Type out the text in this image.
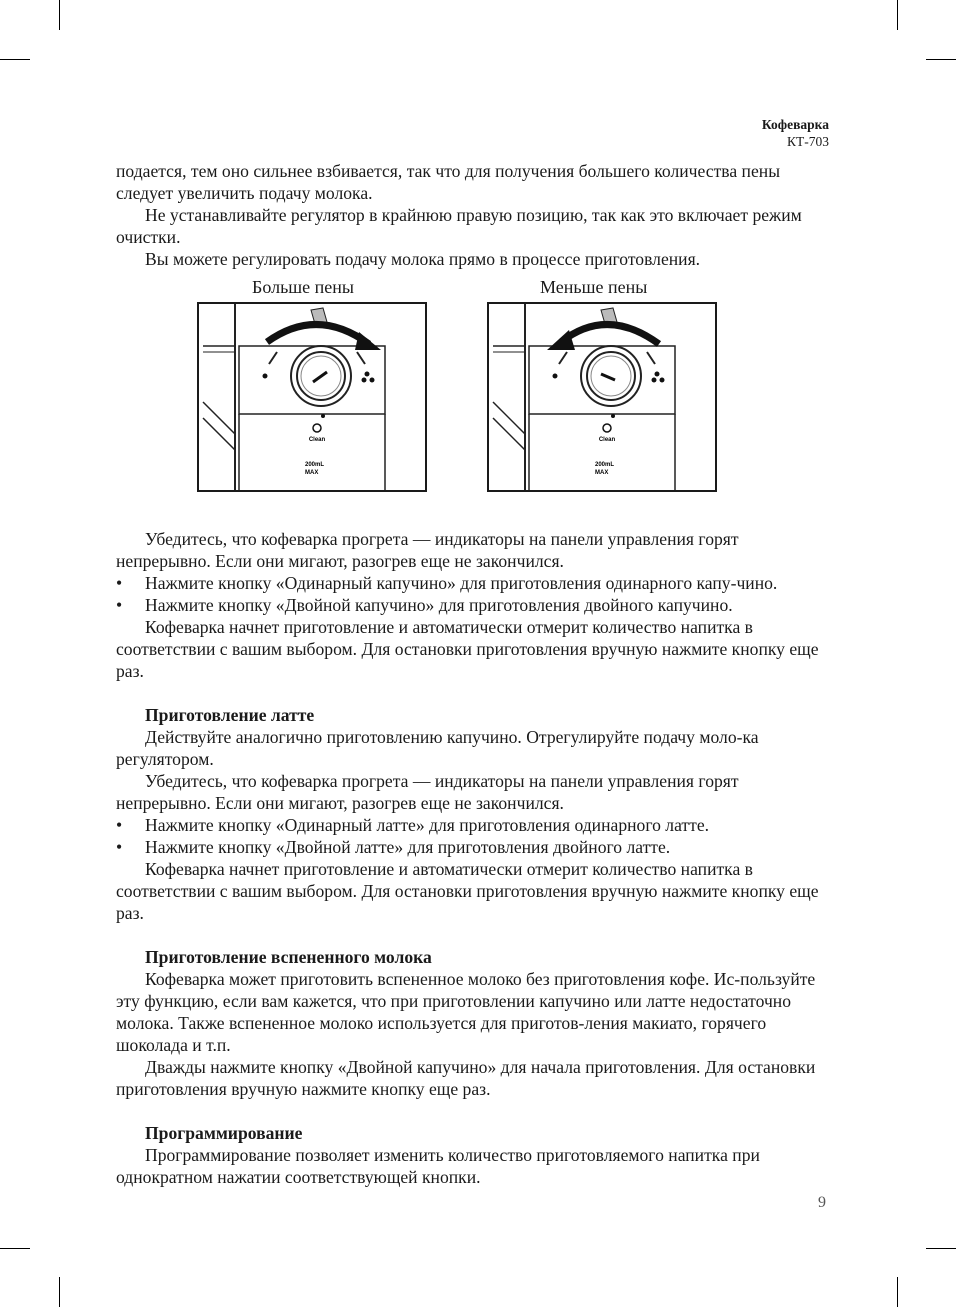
Кофеварка
КТ-703

подается, тем оно сильнее взбивается, так что для получения большего количества пены следует увеличить подачу молока.

Не устанавливайте регулятор в крайнюю правую позицию, так как это включает режим очистки.

Вы можете регулировать подачу молока прямо в процессе приготовления.

Больше пены	Меньше пены
Clean
200mL
MAX
Clean
200mL
MAX

Убедитесь, что кофеварка прогрета — индикаторы на панели управления горят непрерывно. Если они мигают, разогрев еще не закончился.

• Нажмите кнопку «Одинарный капучино» для приготовления одинарного капу-чино.

• Нажмите кнопку «Двойной капучино» для приготовления двойного капучино.

Кофеварка начнет приготовление и автоматически отмерит количество напитка в соответствии с вашим выбором. Для остановки приготовления вручную нажмите кнопку еще раз.

Приготовление латте

Действуйте аналогично приготовлению капучино. Отрегулируйте подачу моло-ка регулятором.

Убедитесь, что кофеварка прогрета — индикаторы на панели управления горят непрерывно. Если они мигают, разогрев еще не закончился.

• Нажмите кнопку «Одинарный латте» для приготовления одинарного латте.

• Нажмите кнопку «Двойной латте» для приготовления двойного латте.

Кофеварка начнет приготовление и автоматически отмерит количество напитка в соответствии с вашим выбором. Для остановки приготовления вручную нажмите кнопку еще раз.

Приготовление вспененного молока

Кофеварка может приготовить вспененное молоко без приготовления кофе. Ис-пользуйте эту функцию, если вам кажется, что при приготовлении капучино или латте недостаточно молока. Также вспененное молоко используется для приготов-ления макиато, горячего шоколада и т.п.

Дважды нажмите кнопку «Двойной капучино» для начала приготовления. Для остановки приготовления вручную нажмите кнопку еще раз.

Программирование

Программирование позволяет изменить количество приготовляемого напитка при однократном нажатии соответствующей кнопки.

9
